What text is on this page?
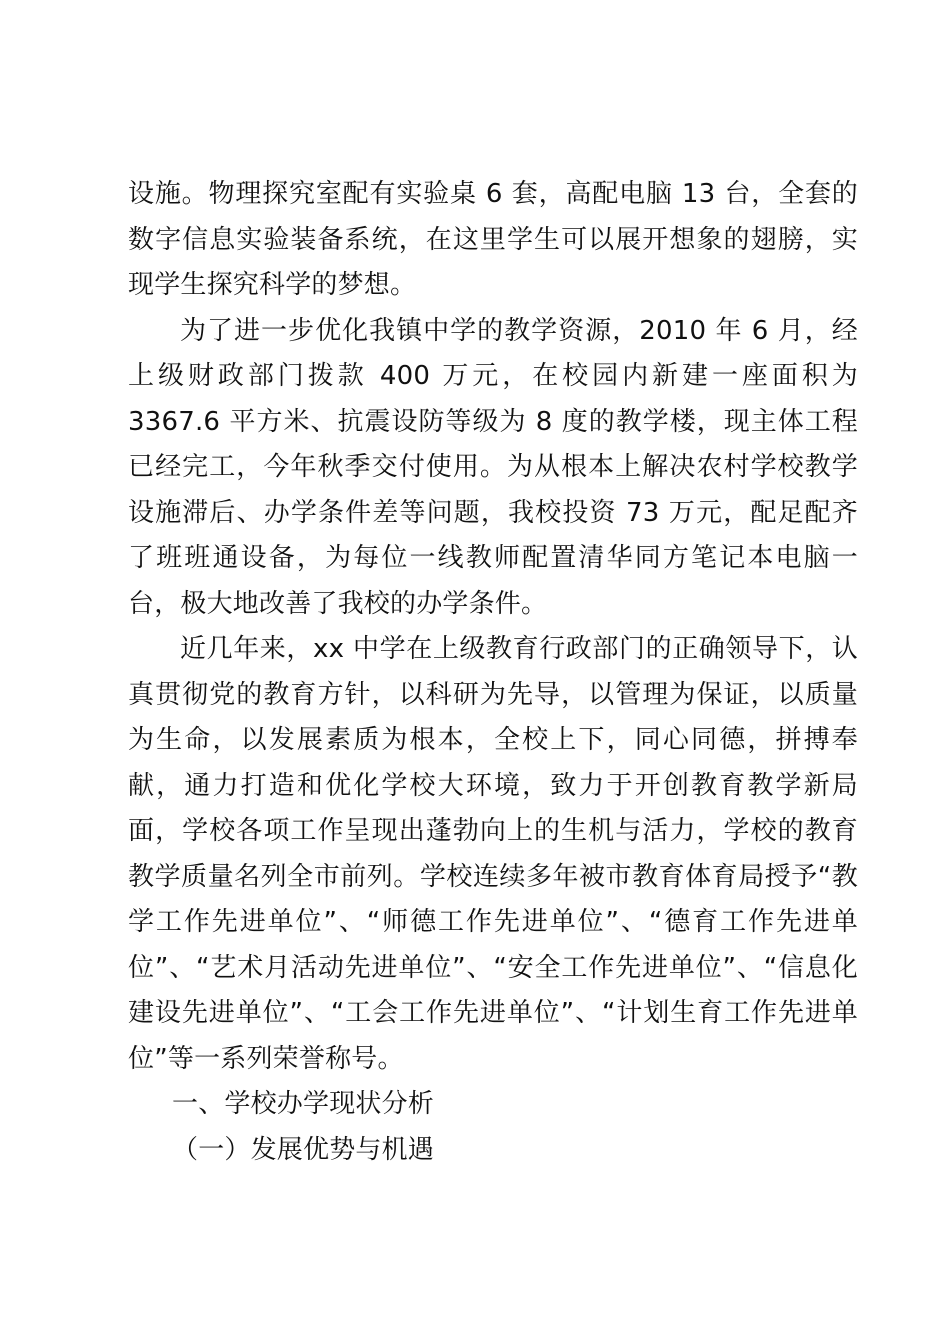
设施。物理探究室配有实验桌 6 套，高配电脑 13 台，全套的数字信息实验装备系统，在这里学生可以展开想象的翅膀，实现学生探究科学的梦想。

为了进一步优化我镇中学的教学资源，2010 年 6 月，经上级财政部门拨款 400 万元，在校园内新建一座面积为 3367.6 平方米、抗震设防等级为 8 度的教学楼，现主体工程已经完工，今年秋季交付使用。为从根本上解决农村学校教学设施滞后、办学条件差等问题，我校投资 73 万元，配足配齐了班班通设备，为每位一线教师配置清华同方笔记本电脑一台，极大地改善了我校的办学条件。

近几年来，xx 中学在上级教育行政部门的正确领导下，认真贯彻党的教育方针，以科研为先导，以管理为保证，以质量为生命，以发展素质为根本，全校上下，同心同德，拼搏奉献，通力打造和优化学校大环境，致力于开创教育教学新局面，学校各项工作呈现出蓬勃向上的生机与活力，学校的教育教学质量名列全市前列。学校连续多年被市教育体育局授予“教学工作先进单位”、“师德工作先进单位”、“德育工作先进单位”、“艺术月活动先进单位”、“安全工作先进单位”、“信息化建设先进单位”、“工会工作先进单位”、“计划生育工作先进单位”等一系列荣誉称号。

一、学校办学现状分析

（一）发展优势与机遇
